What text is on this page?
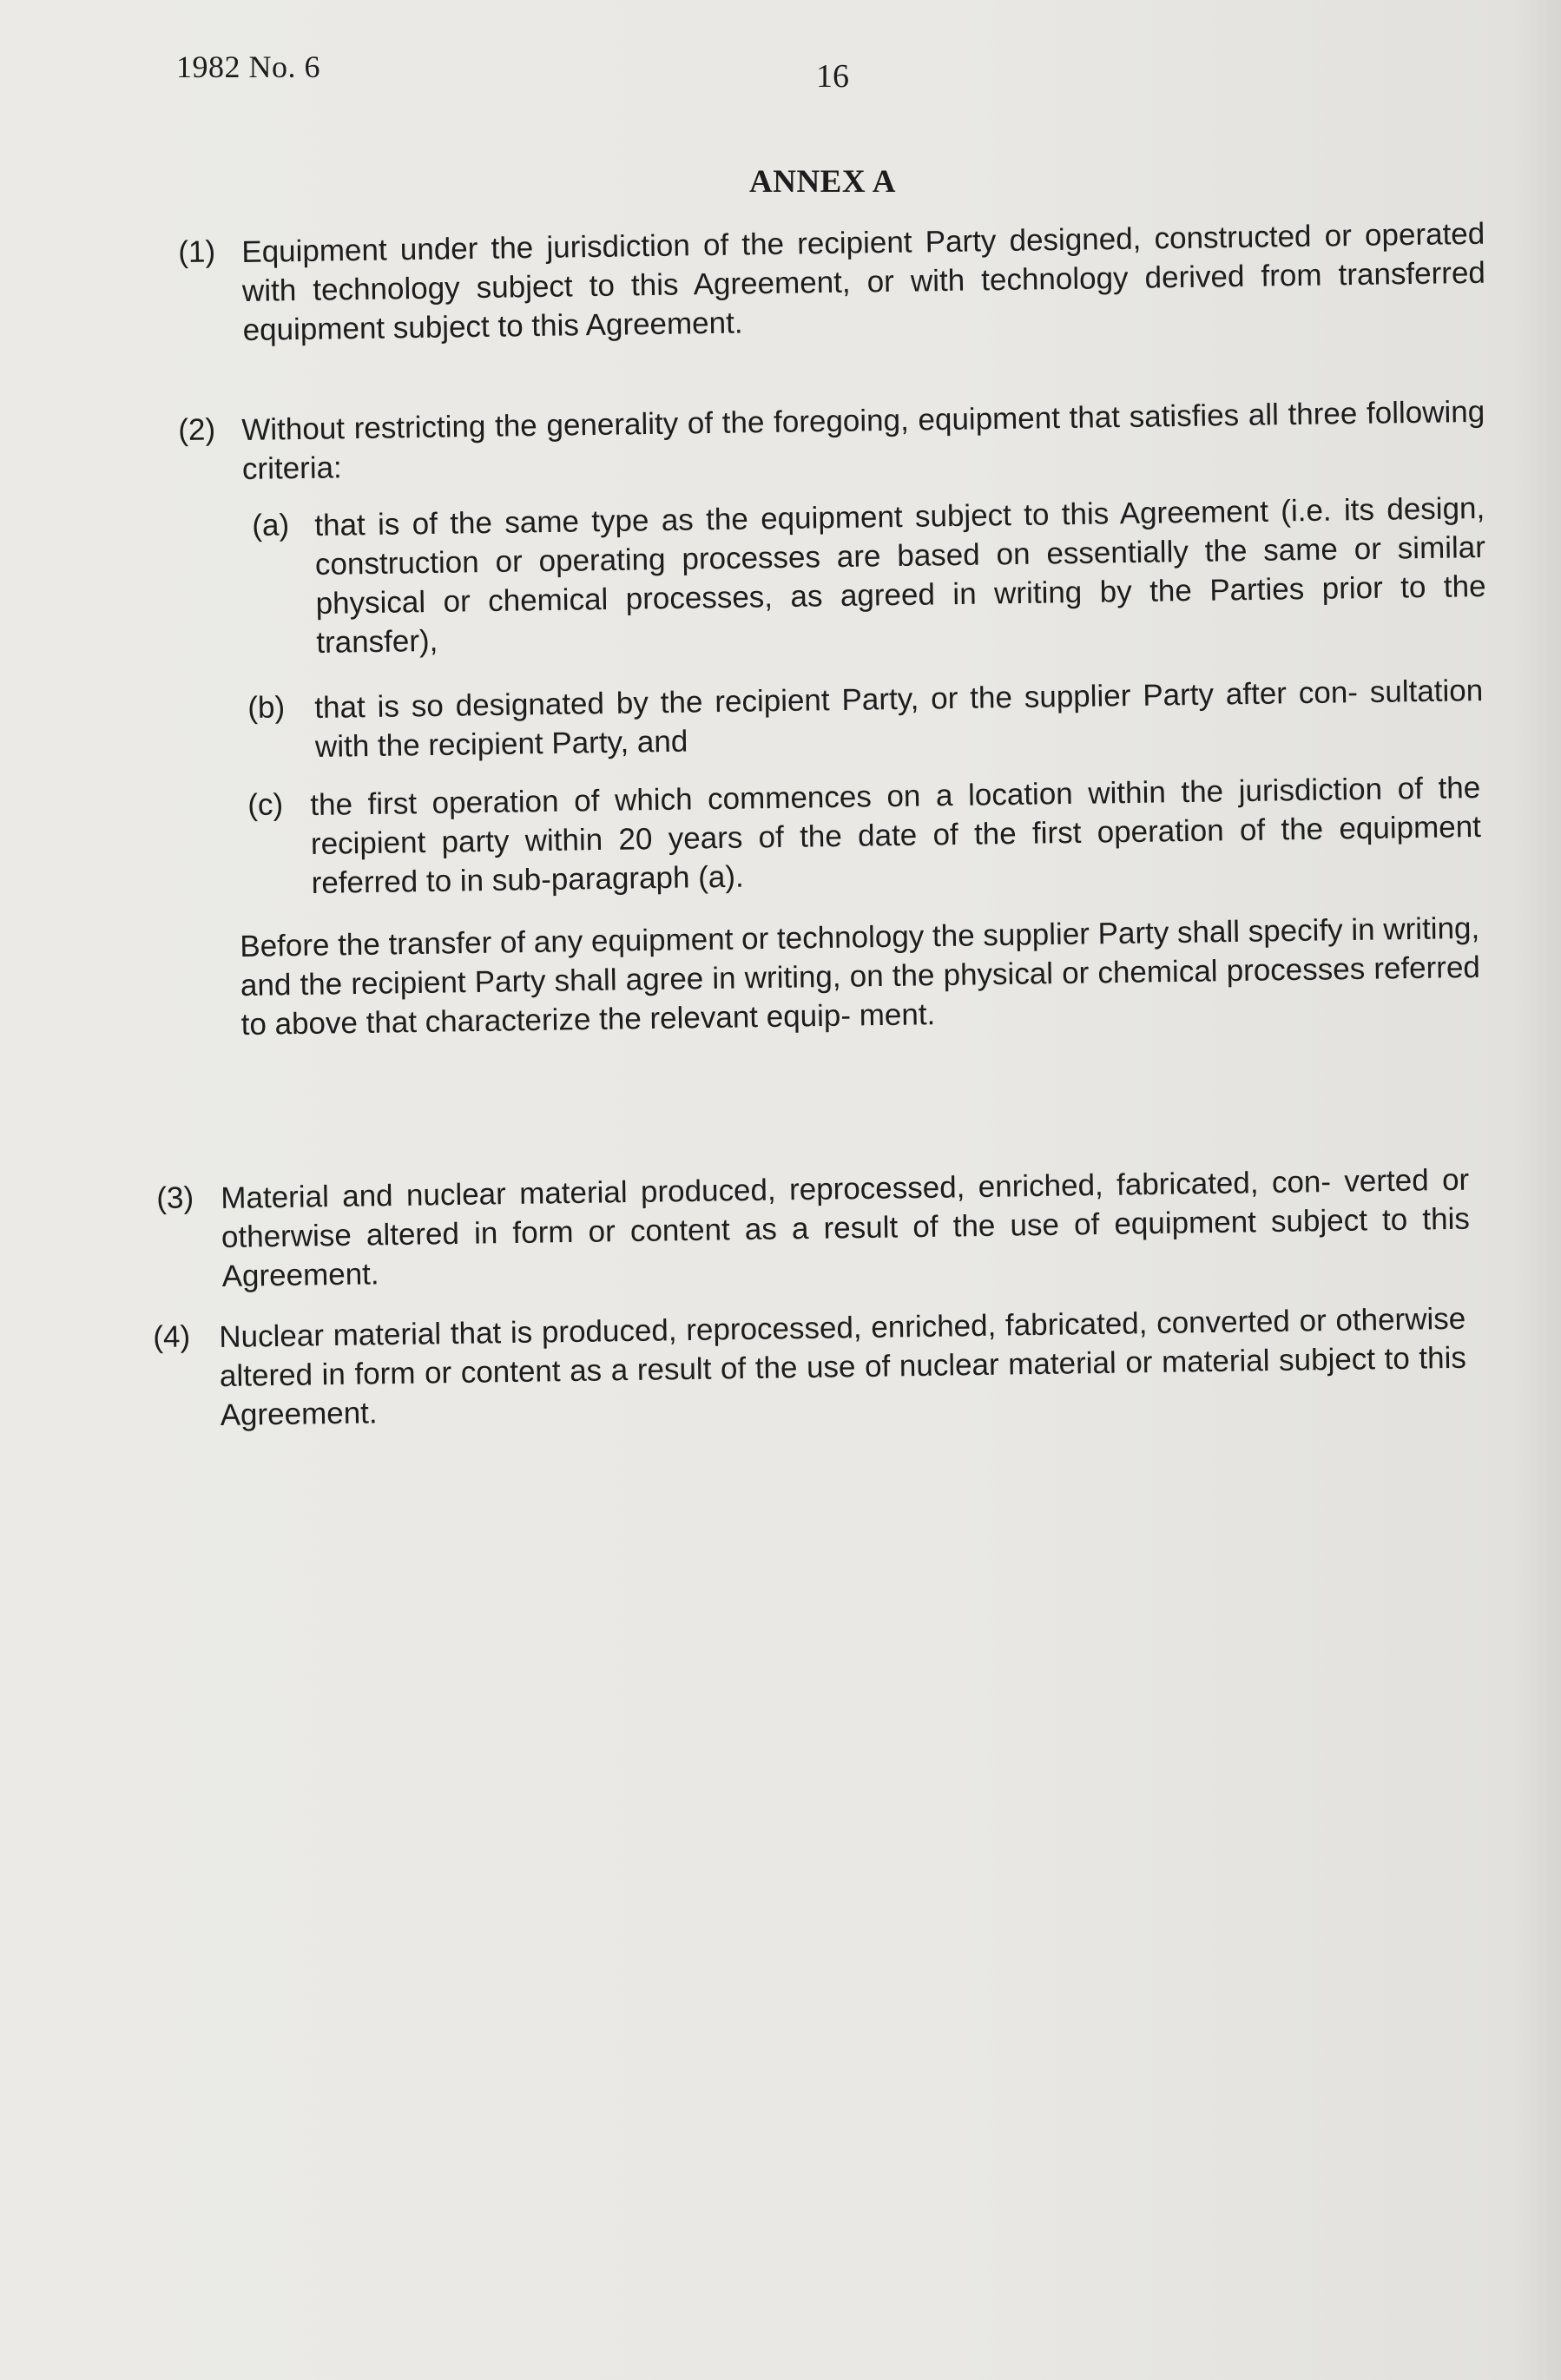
1982 No. 6	16
ANNEX A
(1) Equipment under the jurisdiction of the recipient Party designed, constructed or operated with technology subject to this Agreement, or with technology derived from transferred equipment subject to this Agreement.
(2) Without restricting the generality of the foregoing, equipment that satisfies all three following criteria:
(a) that is of the same type as the equipment subject to this Agreement (i.e. its design, construction or operating processes are based on essentially the same or similar physical or chemical processes, as agreed in writing by the Parties prior to the transfer),
(b) that is so designated by the recipient Party, or the supplier Party after con- sultation with the recipient Party, and
(c) the first operation of which commences on a location within the jurisdiction of the recipient party within 20 years of the date of the first operation of the equipment referred to in sub-paragraph (a).
Before the transfer of any equipment or technology the supplier Party shall specify in writing, and the recipient Party shall agree in writing, on the physical or chemical processes referred to above that characterize the relevant equip- ment.
(3) Material and nuclear material produced, reprocessed, enriched, fabricated, con- verted or otherwise altered in form or content as a result of the use of equipment subject to this Agreement.
(4) Nuclear material that is produced, reprocessed, enriched, fabricated, converted or otherwise altered in form or content as a result of the use of nuclear material or material subject to this Agreement.
